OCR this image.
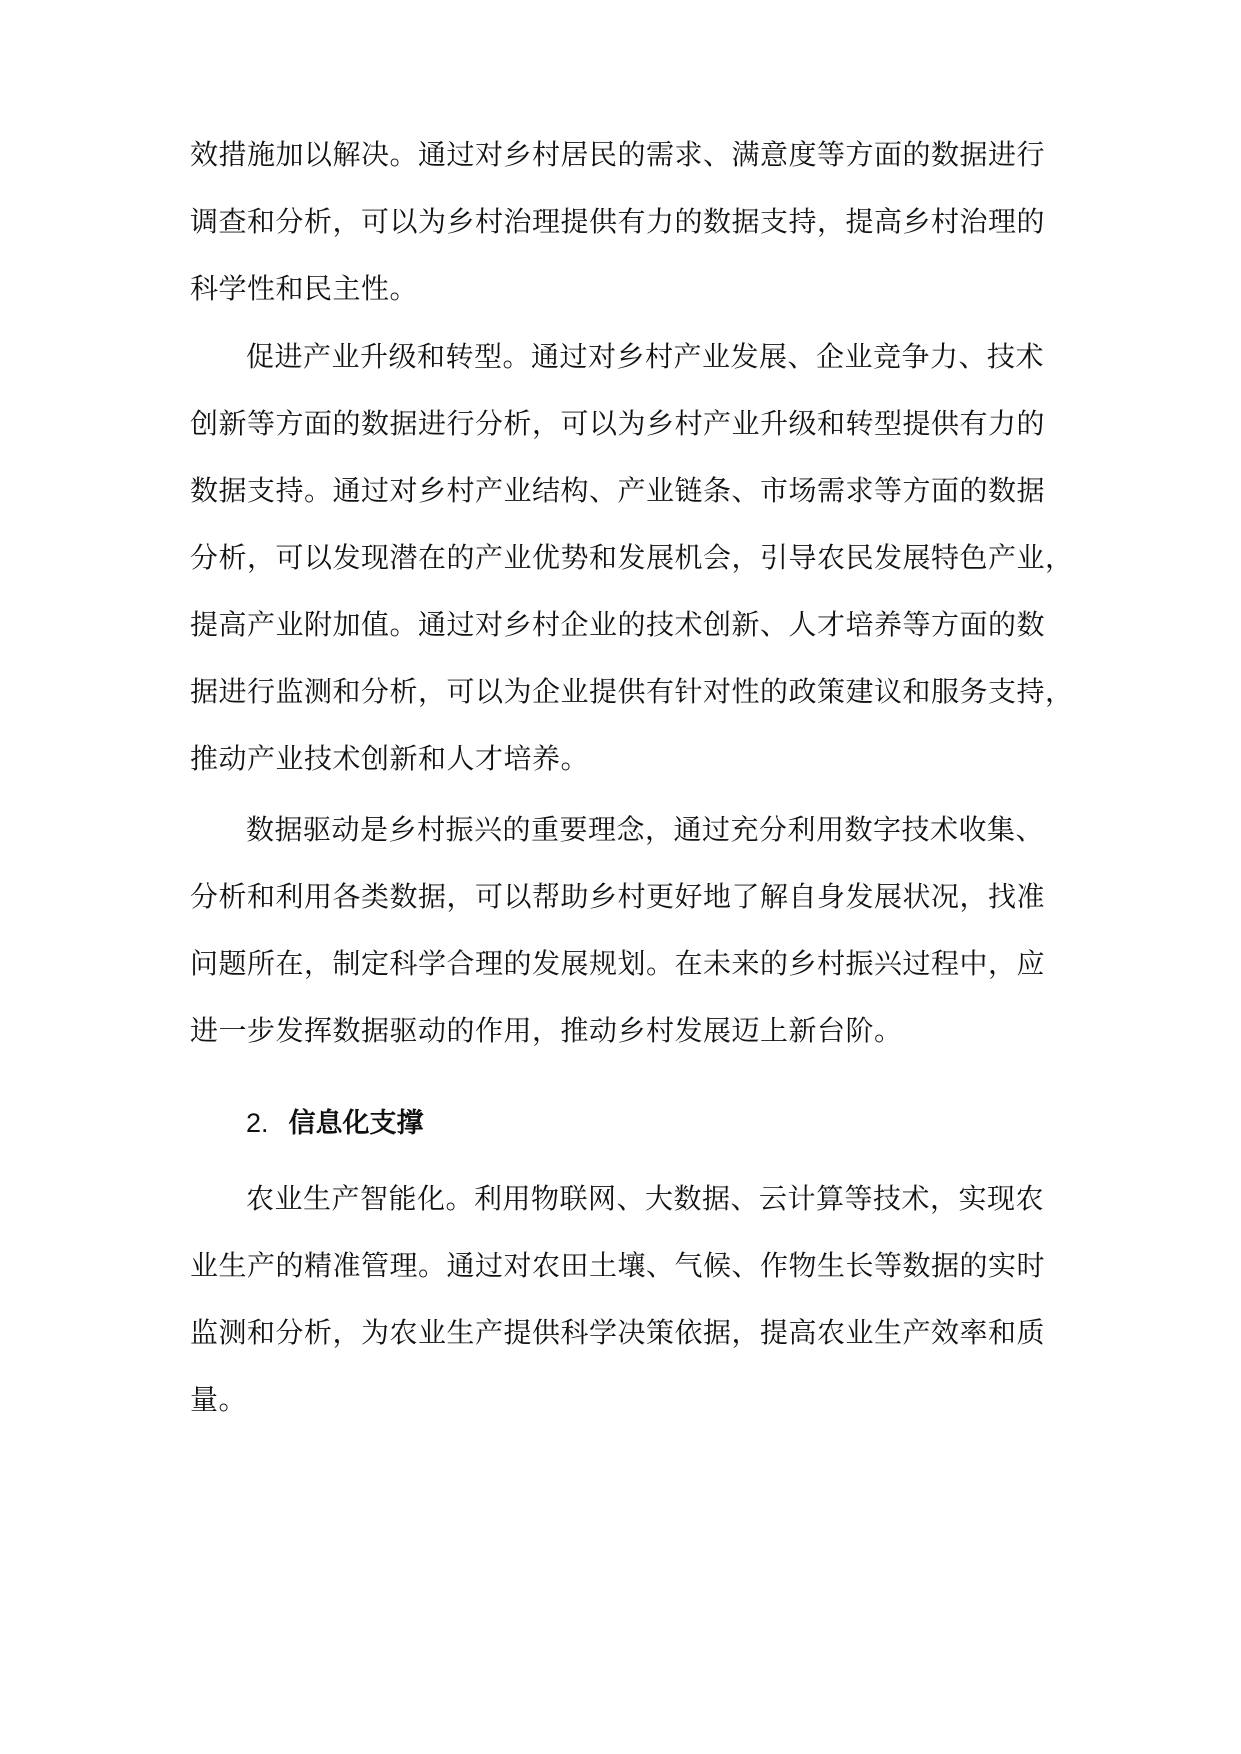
效措施加以解决。通过对乡村居民的需求、满意度等方面的数据进行
调查和分析，可以为乡村治理提供有力的数据支持，提高乡村治理的
科学性和民主性。
促进产业升级和转型。通过对乡村产业发展、企业竞争力、技术
创新等方面的数据进行分析，可以为乡村产业升级和转型提供有力的
数据支持。通过对乡村产业结构、产业链条、市场需求等方面的数据
分析，可以发现潜在的产业优势和发展机会，引导农民发展特色产业，
提高产业附加值。通过对乡村企业的技术创新、人才培养等方面的数
据进行监测和分析，可以为企业提供有针对性的政策建议和服务支持，
推动产业技术创新和人才培养。
数据驱动是乡村振兴的重要理念，通过充分利用数字技术收集、
分析和利用各类数据，可以帮助乡村更好地了解自身发展状况，找准
问题所在，制定科学合理的发展规划。在未来的乡村振兴过程中，应
进一步发挥数据驱动的作用，推动乡村发展迈上新台阶。
2. 信息化支撑
农业生产智能化。利用物联网、大数据、云计算等技术，实现农
业生产的精准管理。通过对农田土壤、气候、作物生长等数据的实时
监测和分析，为农业生产提供科学决策依据，提高农业生产效率和质
量。
